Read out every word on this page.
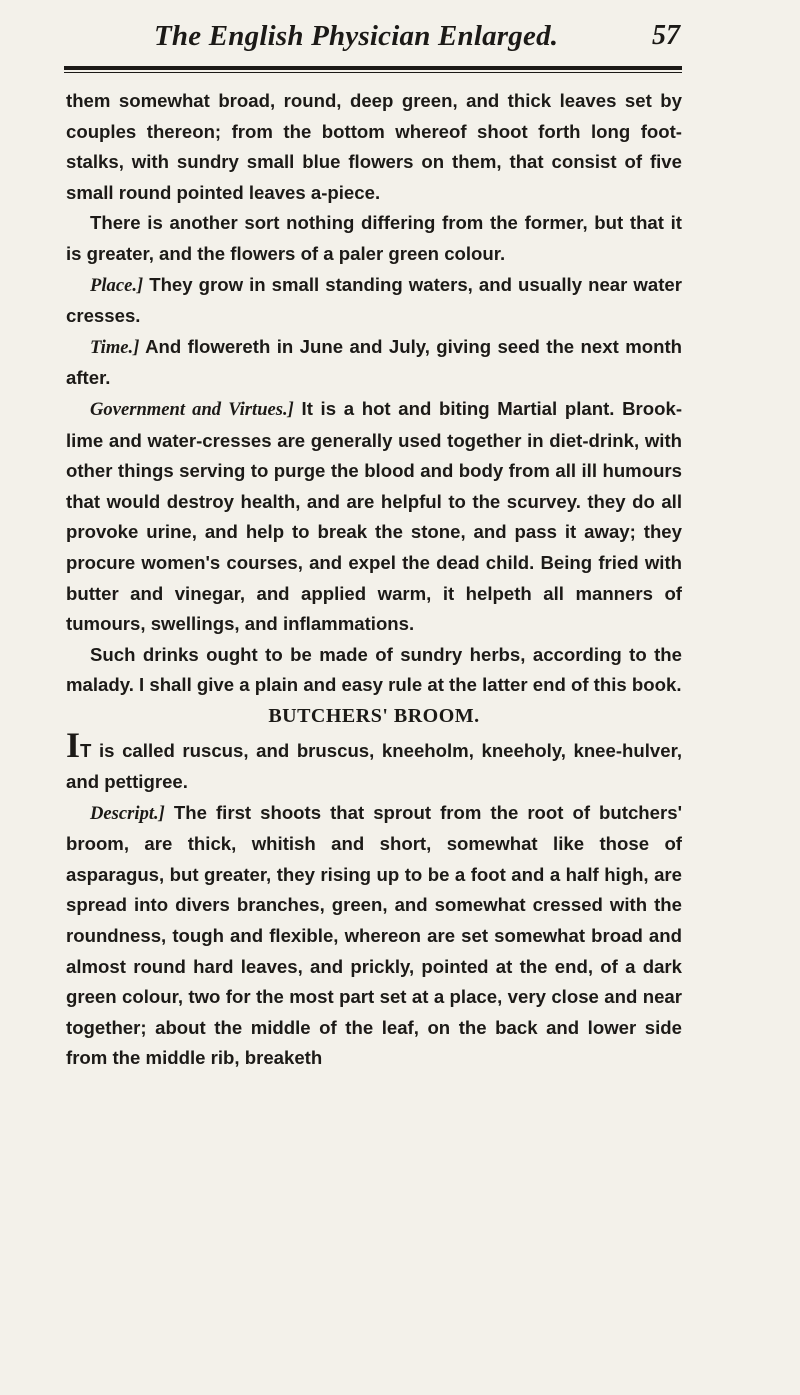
The English Physician Enlarged.	57

them somewhat broad, round, deep green, and thick leaves set by couples thereon; from the bottom whereof shoot forth long foot-stalks, with sundry small blue flowers on them, that consist of five small round pointed leaves a-piece.

There is another sort nothing differing from the former, but that it is greater, and the flowers of a paler green colour.

Place.] They grow in small standing waters, and usually near water cresses.

Time.] And flowereth in June and July, giving seed the next month after.

Government and Virtues.] It is a hot and biting Martial plant. Brook-lime and water-cresses are generally used together in diet-drink, with other things serving to purge the blood and body from all ill humours that would destroy health, and are helpful to the scurvey. they do all provoke urine, and help to break the stone, and pass it away; they procure women's courses, and expel the dead child. Being fried with butter and vinegar, and applied warm, it helpeth all manners of tumours, swellings, and inflammations.

Such drinks ought to be made of sundry herbs, according to the malady. I shall give a plain and easy rule at the latter end of this book.

BUTCHERS' BROOM.

IT is called ruscus, and bruscus, kneeholm, kneeholy, knee-hulver, and pettigree.

Descript.] The first shoots that sprout from the root of butchers' broom, are thick, whitish and short, somewhat like those of asparagus, but greater, they rising up to be a foot and a half high, are spread into divers branches, green, and somewhat cressed with the roundness, tough and flexible, whereon are set somewhat broad and almost round hard leaves, and prickly, pointed at the end, of a dark green colour, two for the most part set at a place, very close and near together; about the middle of the leaf, on the back and lower side from the middle rib, breaketh
